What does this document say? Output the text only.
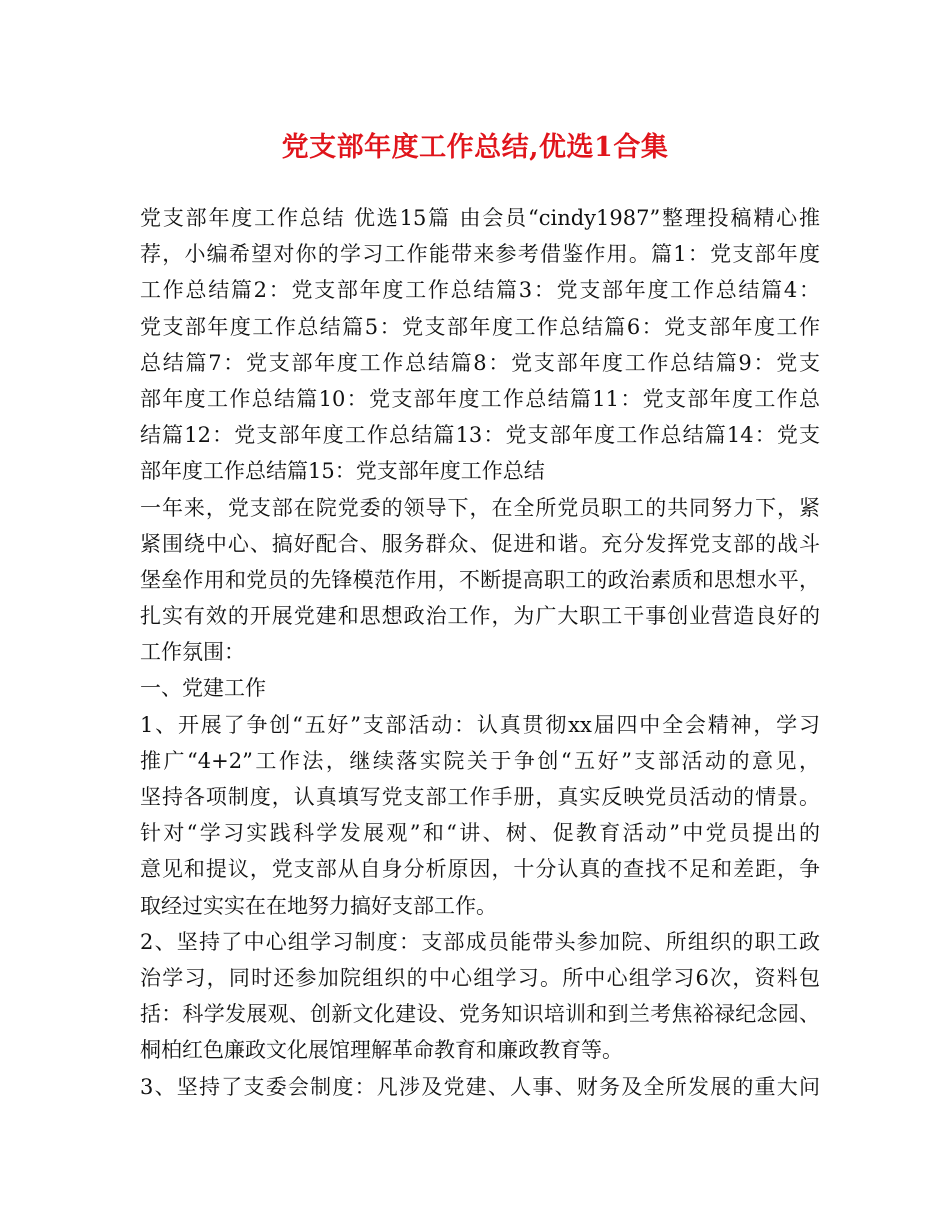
党支部年度工作总结,优选1合集
党支部年度工作总结 优选15篇 由会员“cindy1987”整理投稿精心推
荐，小编希望对你的学习工作能带来参考借鉴作用。篇1：党支部年度
工作总结篇2：党支部年度工作总结篇3：党支部年度工作总结篇4：
党支部年度工作总结篇5：党支部年度工作总结篇6：党支部年度工作
总结篇7：党支部年度工作总结篇8：党支部年度工作总结篇9：党支
部年度工作总结篇10：党支部年度工作总结篇11：党支部年度工作总
结篇12：党支部年度工作总结篇13：党支部年度工作总结篇14：党支
部年度工作总结篇15：党支部年度工作总结
一年来，党支部在院党委的领导下，在全所党员职工的共同努力下，紧
紧围绕中心、搞好配合、服务群众、促进和谐。充分发挥党支部的战斗
堡垒作用和党员的先锋模范作用，不断提高职工的政治素质和思想水平，
扎实有效的开展党建和思想政治工作，为广大职工干事创业营造良好的
工作氛围：
一、党建工作
1、开展了争创“五好”支部活动：认真贯彻xx届四中全会精神，学习
推广“4+2”工作法，继续落实院关于争创“五好”支部活动的意见，
坚持各项制度，认真填写党支部工作手册，真实反映党员活动的情景。
针对“学习实践科学发展观”和“讲、树、促教育活动”中党员提出的
意见和提议，党支部从自身分析原因，十分认真的查找不足和差距，争
取经过实实在在地努力搞好支部工作。
2、坚持了中心组学习制度：支部成员能带头参加院、所组织的职工政
治学习，同时还参加院组织的中心组学习。所中心组学习6次，资料包
括：科学发展观、创新文化建设、党务知识培训和到兰考焦裕禄纪念园、
桐柏红色廉政文化展馆理解革命教育和廉政教育等。
3、坚持了支委会制度：凡涉及党建、人事、财务及全所发展的重大问
